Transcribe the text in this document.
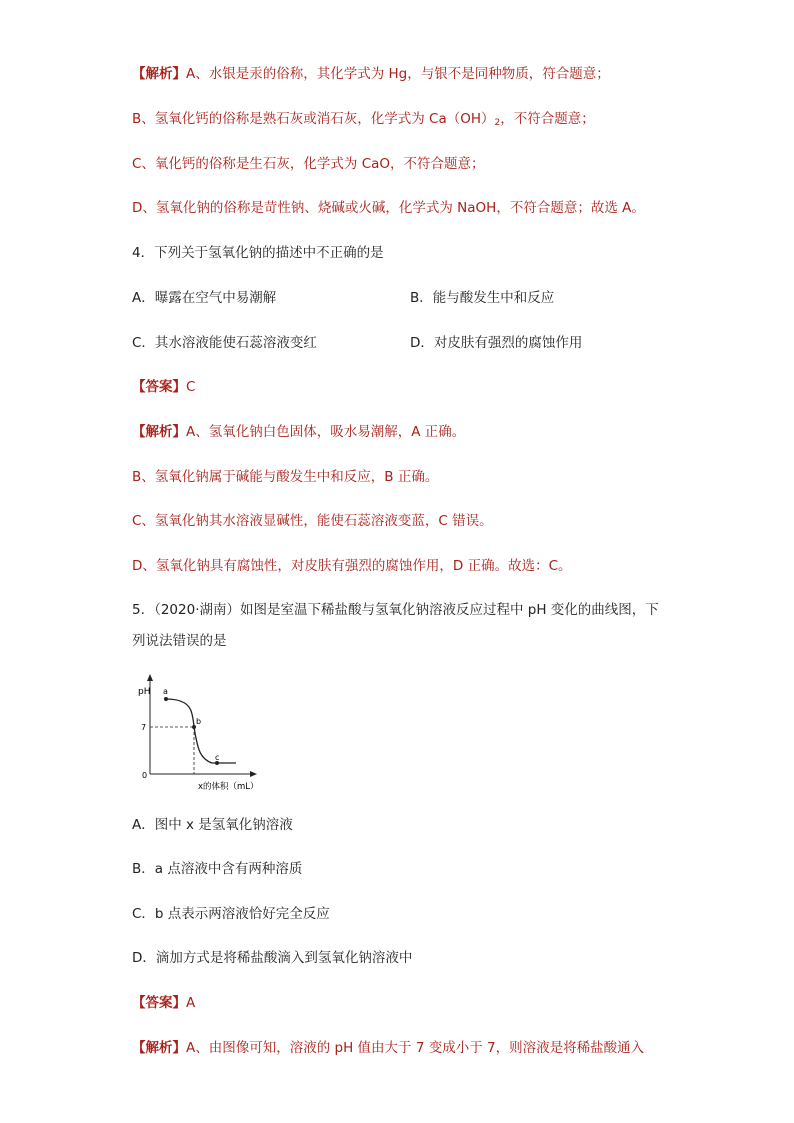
【解析】A、水银是汞的俗称，其化学式为 Hg，与银不是同种物质，符合题意；
B、氢氧化钙的俗称是熟石灰或消石灰，化学式为 $Ca(OH)_2$，不符合题意；
C、氧化钙的俗称是生石灰，化学式为 CaO，不符合题意；
D、氢氧化钠的俗称是苛性钠、烧碱或火碱，化学式为 NaOH，不符合题意；故选 A。
4．下列关于氢氧化钠的描述中不正确的是
A．曝露在空气中易潮解	B．能与酸发生中和反应
C．其水溶液能使石蕊溶液变红	D．对皮肤有强烈的腐蚀作用
【答案】C
【解析】A、氢氧化钠白色固体，吸水易潮解，A 正确。
B、氢氧化钠属于碱能与酸发生中和反应，B 正确。
C、氢氧化钠其水溶液显碱性，能使石蕊溶液变蓝，C 错误。
D、氢氧化钠具有腐蚀性，对皮肤有强烈的腐蚀作用，D 正确。故选：C。
5．（2020·湖南）如图是室温下稀盐酸与氢氧化钠溶液反应过程中 pH 变化的曲线图，下
列说法错误的是
pH a
b
c
7
0
x的体积（mL）
A．图中 x 是氢氧化钠溶液
B．a 点溶液中含有两种溶质
C．b 点表示两溶液恰好完全反应
D．滴加方式是将稀盐酸滴入到氢氧化钠溶液中
【答案】A
【解析】A、由图像可知，溶液的 pH 值由大于 7 变成小于 7，则溶液是将稀盐酸通入
